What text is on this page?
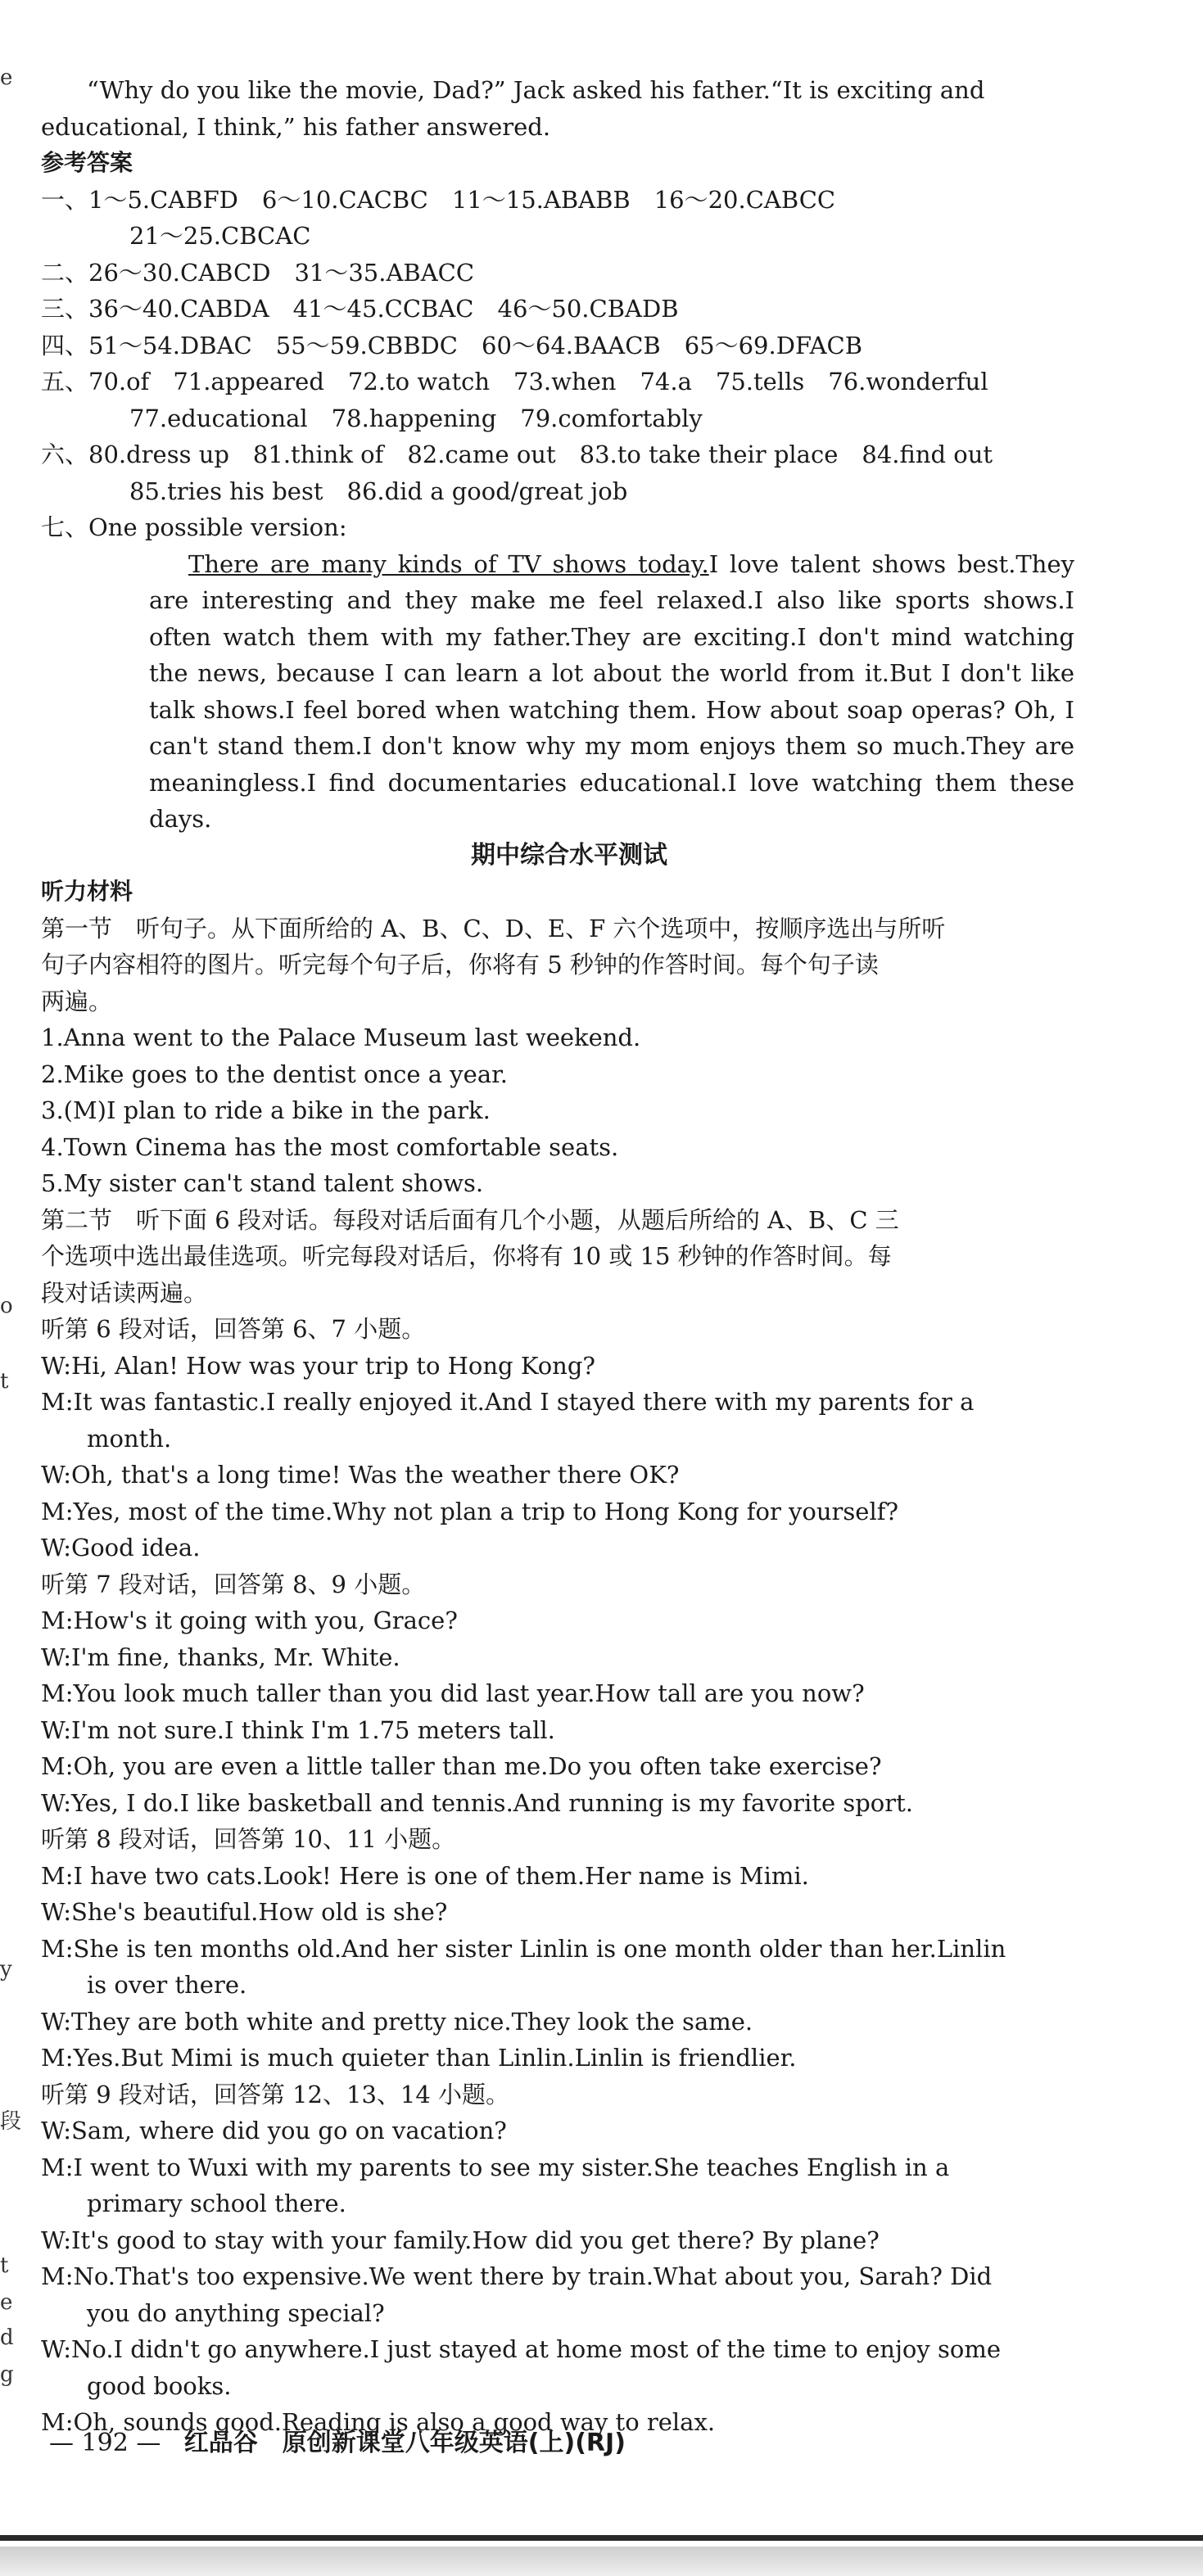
e
o
t
y
段
t
e
d
g
“Why do you like the movie, Dad?” Jack asked his father.“It is exciting and
educational, I think,” his father answered.
参考答案
一、1～5.CABFD　6～10.CACBC　11～15.ABABB　16～20.CABCC
21～25.CBCAC
二、26～30.CABCD　31～35.ABACC
三、36～40.CABDA　41～45.CCBAC　46～50.CBADB
四、51～54.DBAC　55～59.CBBDC　60～64.BAACB　65～69.DFACB
五、70.of　71.appeared　72.to watch　73.when　74.a　75.tells　76.wonderful
77.educational　78.happening　79.comfortably
六、80.dress up　81.think of　82.came out　83.to take their place　84.find out
85.tries his best　86.did a good/great job
七、One possible version:
There are many kinds of TV shows today.I love talent shows best.They are interesting and they make me feel relaxed.I also like sports shows.I often watch them with my father.They are exciting.I don't mind watching the news, because I can learn a lot about the world from it.But I don't like talk shows.I feel bored when watching them. How about soap operas? Oh, I can't stand them.I don't know why my mom enjoys them so much.They are meaningless.I find documentaries educational.I love watching them these days.
期中综合水平测试
听力材料
第一节　听句子。从下面所给的 A、B、C、D、E、F 六个选项中，按顺序选出与所听
句子内容相符的图片。听完每个句子后，你将有 5 秒钟的作答时间。每个句子读
两遍。
1.Anna went to the Palace Museum last weekend.
2.Mike goes to the dentist once a year.
3.(M)I plan to ride a bike in the park.
4.Town Cinema has the most comfortable seats.
5.My sister can't stand talent shows.
第二节　听下面 6 段对话。每段对话后面有几个小题，从题后所给的 A、B、C 三
个选项中选出最佳选项。听完每段对话后，你将有 10 或 15 秒钟的作答时间。每
段对话读两遍。
听第 6 段对话，回答第 6、7 小题。
W:Hi, Alan! How was your trip to Hong Kong?
M:It was fantastic.I really enjoyed it.And I stayed there with my parents for a
month.
W:Oh, that's a long time! Was the weather there OK?
M:Yes, most of the time.Why not plan a trip to Hong Kong for yourself?
W:Good idea.
听第 7 段对话，回答第 8、9 小题。
M:How's it going with you, Grace?
W:I'm fine, thanks, Mr. White.
M:You look much taller than you did last year.How tall are you now?
W:I'm not sure.I think I'm 1.75 meters tall.
M:Oh, you are even a little taller than me.Do you often take exercise?
W:Yes, I do.I like basketball and tennis.And running is my favorite sport.
听第 8 段对话，回答第 10、11 小题。
M:I have two cats.Look! Here is one of them.Her name is Mimi.
W:She's beautiful.How old is she?
M:She is ten months old.And her sister Linlin is one month older than her.Linlin
is over there.
W:They are both white and pretty nice.They look the same.
M:Yes.But Mimi is much quieter than Linlin.Linlin is friendlier.
听第 9 段对话，回答第 12、13、14 小题。
W:Sam, where did you go on vacation?
M:I went to Wuxi with my parents to see my sister.She teaches English in a
primary school there.
W:It's good to stay with your family.How did you get there? By plane?
M:No.That's too expensive.We went there by train.What about you, Sarah? Did
you do anything special?
W:No.I didn't go anywhere.I just stayed at home most of the time to enjoy some
good books.
M:Oh, sounds good.Reading is also a good way to relax.
— 192 — 红品谷　原创新课堂八年级英语(上)(RJ)
